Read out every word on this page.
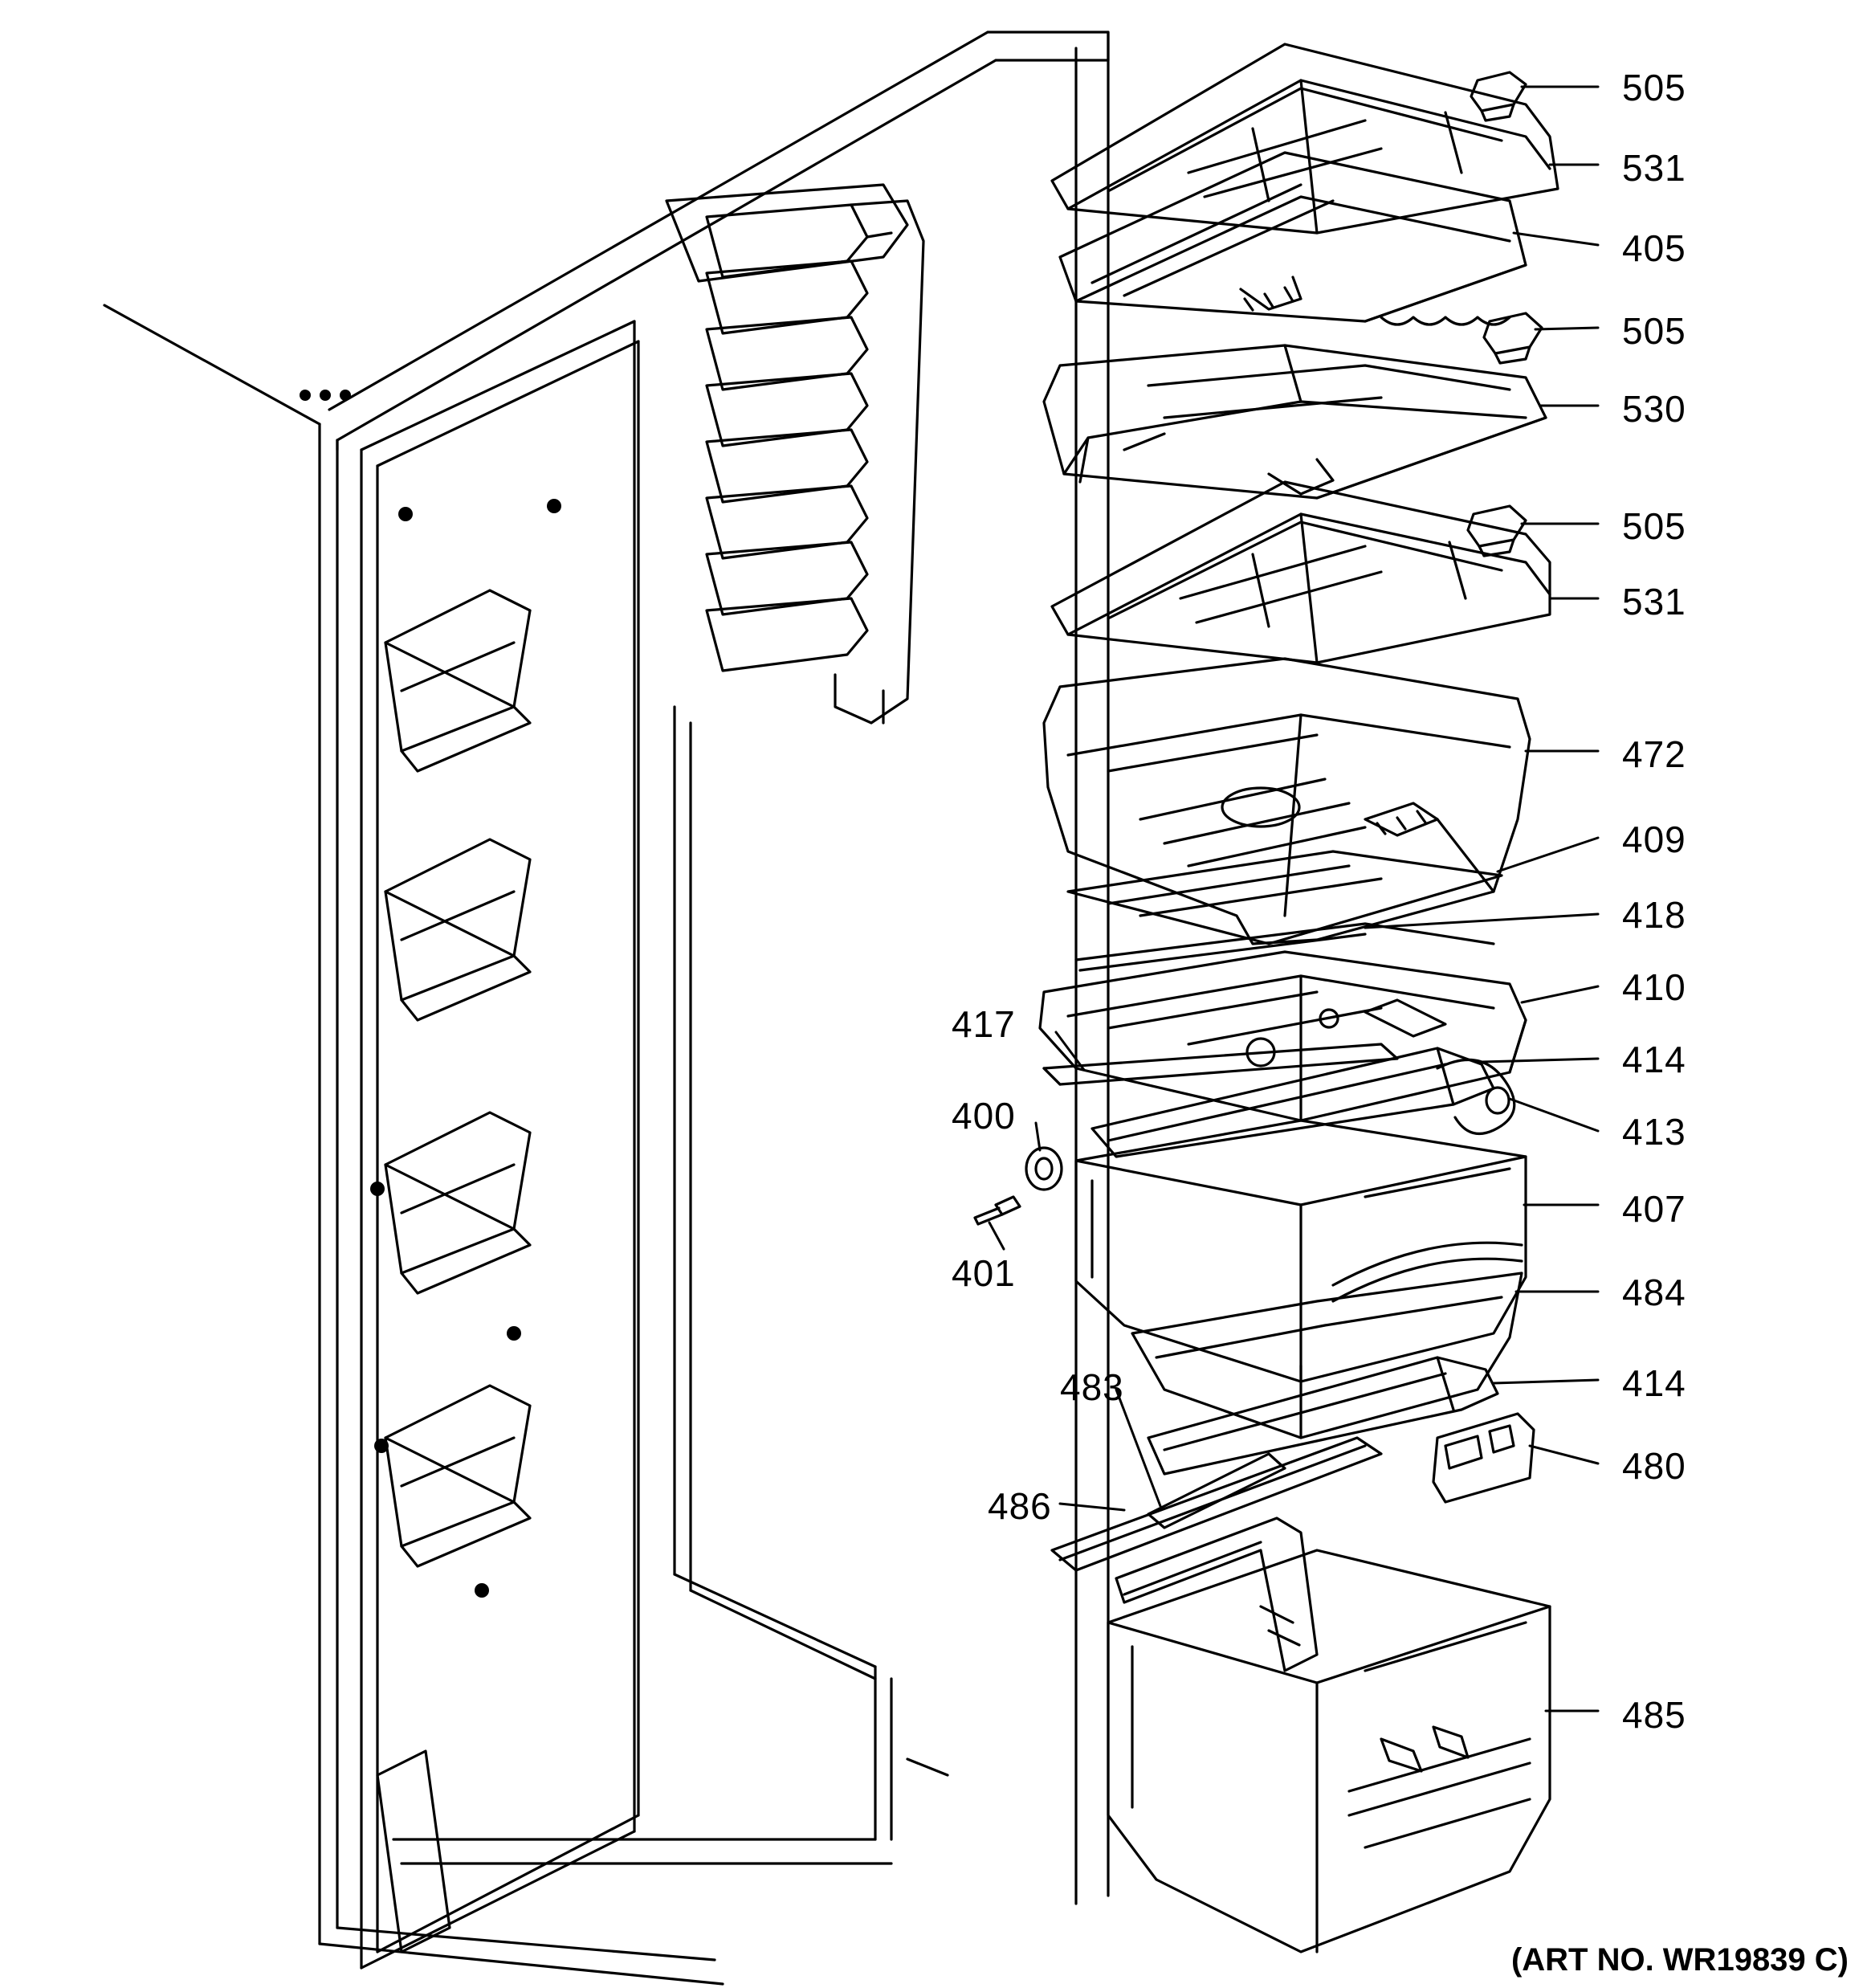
505
531
405
505
530
505
531
472
409
418
410
414
413
417
400
401
407
484
414
480
483
486
485
(ART NO. WR19839 C)
